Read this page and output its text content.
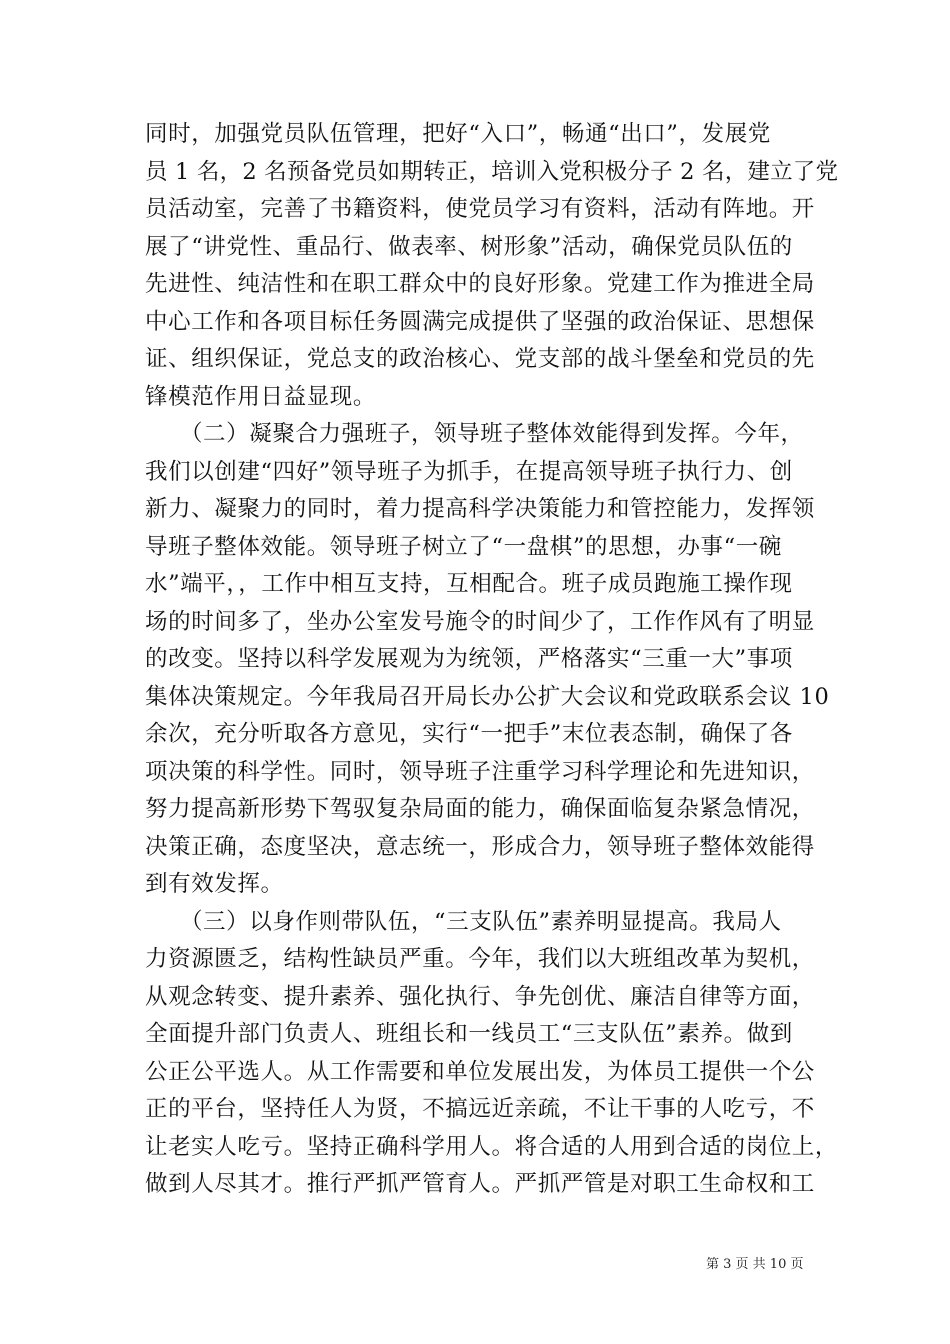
同时，加强党员队伍管理，把好“入口”，畅通“出口”，发展党
员 1 名，2 名预备党员如期转正，培训入党积极分子 2 名，建立了党
员活动室，完善了书籍资料，使党员学习有资料，活动有阵地。开
展了“讲党性、重品行、做表率、树形象”活动，确保党员队伍的
先进性、纯洁性和在职工群众中的良好形象。党建工作为推进全局
中心工作和各项目标任务圆满完成提供了坚强的政治保证、思想保
证、组织保证，党总支的政治核心、党支部的战斗堡垒和党员的先
锋模范作用日益显现。
　　（二）凝聚合力强班子，领导班子整体效能得到发挥。今年，
我们以创建“四好”领导班子为抓手，在提高领导班子执行力、创
新力、凝聚力的同时，着力提高科学决策能力和管控能力，发挥领
导班子整体效能。领导班子树立了“一盘棋”的思想，办事“一碗
水”端平，，工作中相互支持，互相配合。班子成员跑施工操作现
场的时间多了，坐办公室发号施令的时间少了，工作作风有了明显
的改变。坚持以科学发展观为为统领，严格落实“三重一大”事项
集体决策规定。今年我局召开局长办公扩大会议和党政联系会议 10
余次，充分听取各方意见，实行“一把手”末位表态制，确保了各
项决策的科学性。同时，领导班子注重学习科学理论和先进知识，
努力提高新形势下驾驭复杂局面的能力，确保面临复杂紧急情况，
决策正确，态度坚决，意志统一，形成合力，领导班子整体效能得
到有效发挥。
　　（三）以身作则带队伍，“三支队伍”素养明显提高。我局人
力资源匮乏，结构性缺员严重。今年，我们以大班组改革为契机，
从观念转变、提升素养、强化执行、争先创优、廉洁自律等方面，
全面提升部门负责人、班组长和一线员工“三支队伍”素养。做到
公正公平选人。从工作需要和单位发展出发，为体员工提供一个公
正的平台，坚持任人为贤，不搞远近亲疏，不让干事的人吃亏，不
让老实人吃亏。坚持正确科学用人。将合适的人用到合适的岗位上，
做到人尽其才。推行严抓严管育人。严抓严管是对职工生命权和工
第 3 页 共 10 页
